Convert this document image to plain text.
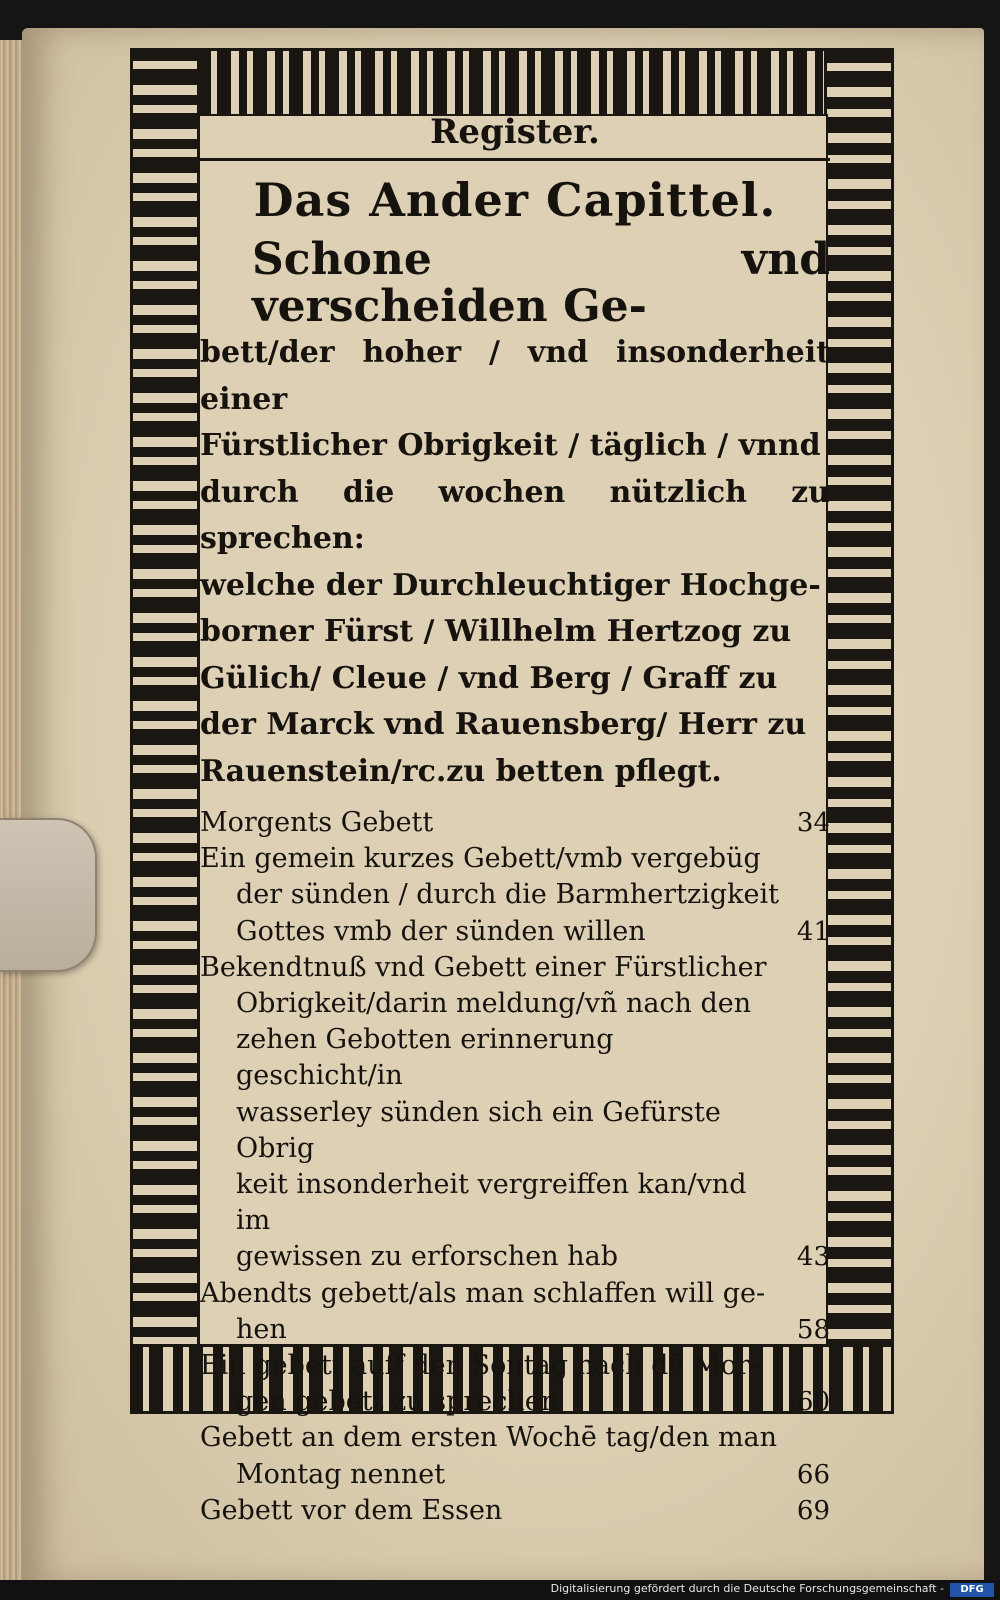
Register.

Das Ander Capittel.

Schone vnd verscheiden Ge-
bett/der hoher / vnd insonderheit einer
Fürstlicher Obrigkeit / täglich / vnnd
durch die wochen nützlich zu sprechen:
welche der Durchleuchtiger Hochge-
borner Fürst / Willhelm Hertzog zu
Gülich/ Cleue / vnd Berg / Graff zu
der Marck vnd Rauensberg/ Herr zu
Rauenstein/rc.zu betten pflegt.
Morgents Gebett	34
Ein gemein kurzes Gebett/vmb vergebüg
der sünden / durch die Barmhertzigkeit
Gottes vmb der sünden willen	41
Bekendtnuß vnd Gebett einer Fürstlicher
Obrigkeit/darin meldung/vñ nach den
zehen Gebotten erinnerung geschicht/in
wasserley sünden sich ein Gefürste Obrig
keit insonderheit vergreiffen kan/vnd im
gewissen zu erforschen hab	43
Abendts gebett/als man schlaffen will ge-
hen	58
Ein gebett auff den Sontag nach dē Mor-
gen gebett zu sprechen	60
Gebett an dem ersten Wochē tag/den man
Montag nennet	66
Gebett vor dem Essen	69
Digitalisierung gefördert durch die Deutsche Forschungsgemeinschaft -	DFG
